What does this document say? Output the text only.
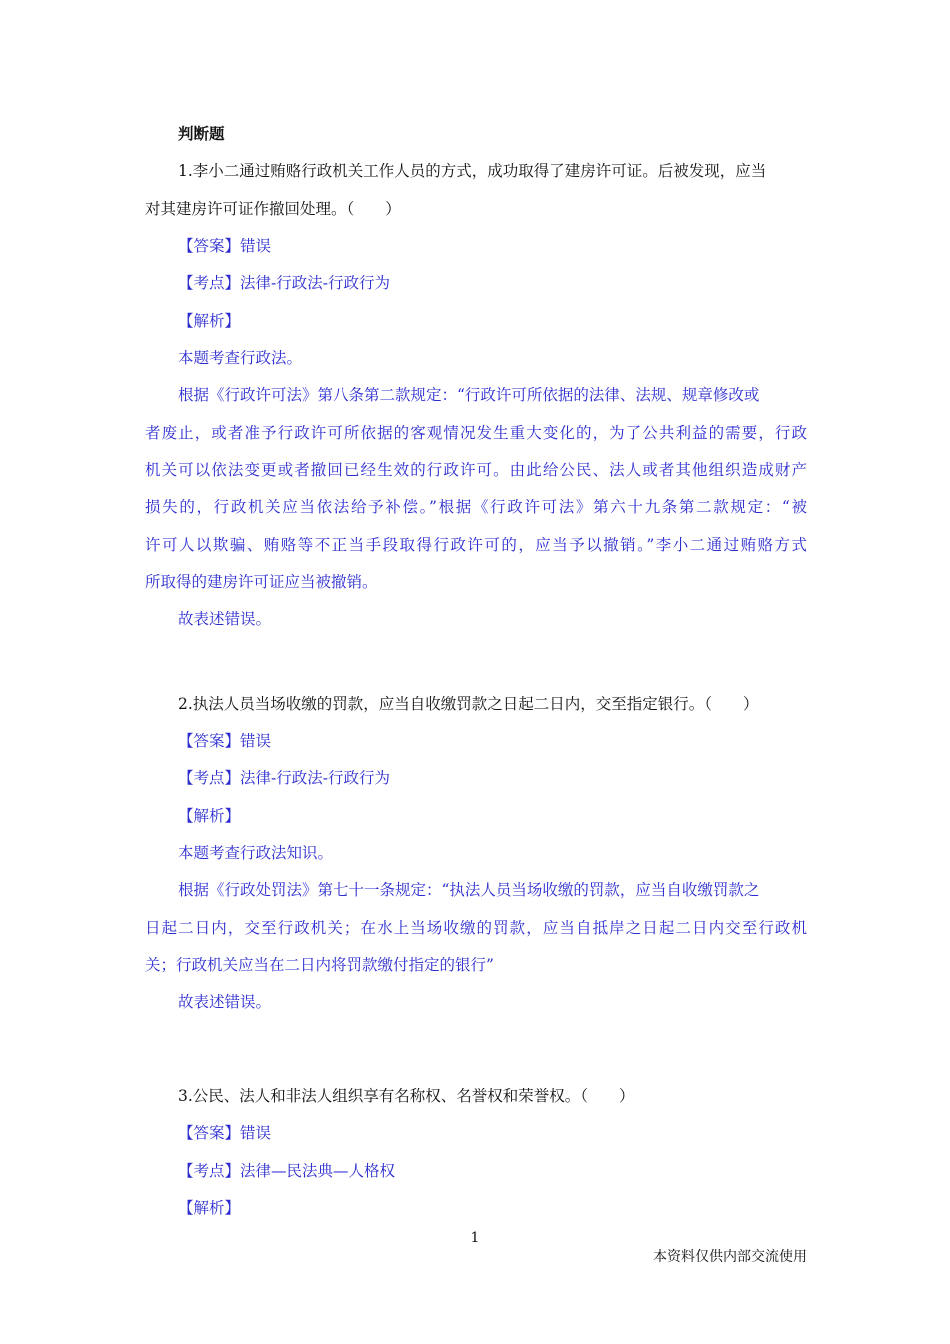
判断题
1.李小二通过贿赂行政机关工作人员的方式，成功取得了建房许可证。后被发现，应当
对其建房许可证作撤回处理。（　　）
【答案】错误
【考点】法律-行政法-行政行为
【解析】
本题考查行政法。
根据《行政许可法》第八条第二款规定：“行政许可所依据的法律、法规、规章修改或
者废止，或者准予行政许可所依据的客观情况发生重大变化的，为了公共利益的需要，行政
机关可以依法变更或者撤回已经生效的行政许可。由此给公民、法人或者其他组织造成财产
损失的，行政机关应当依法给予补偿。”根据《行政许可法》第六十九条第二款规定：“被
许可人以欺骗、贿赂等不正当手段取得行政许可的，应当予以撤销。”李小二通过贿赂方式
所取得的建房许可证应当被撤销。
故表述错误。
2.执法人员当场收缴的罚款，应当自收缴罚款之日起二日内，交至指定银行。（　　）
【答案】错误
【考点】法律-行政法-行政行为
【解析】
本题考查行政法知识。
根据《行政处罚法》第七十一条规定：“执法人员当场收缴的罚款，应当自收缴罚款之
日起二日内，交至行政机关；在水上当场收缴的罚款，应当自抵岸之日起二日内交至行政机
关；行政机关应当在二日内将罚款缴付指定的银行”
故表述错误。
3.公民、法人和非法人组织享有名称权、名誉权和荣誉权。（　　）
【答案】错误
【考点】法律—民法典—人格权
【解析】
1
本资料仅供内部交流使用
